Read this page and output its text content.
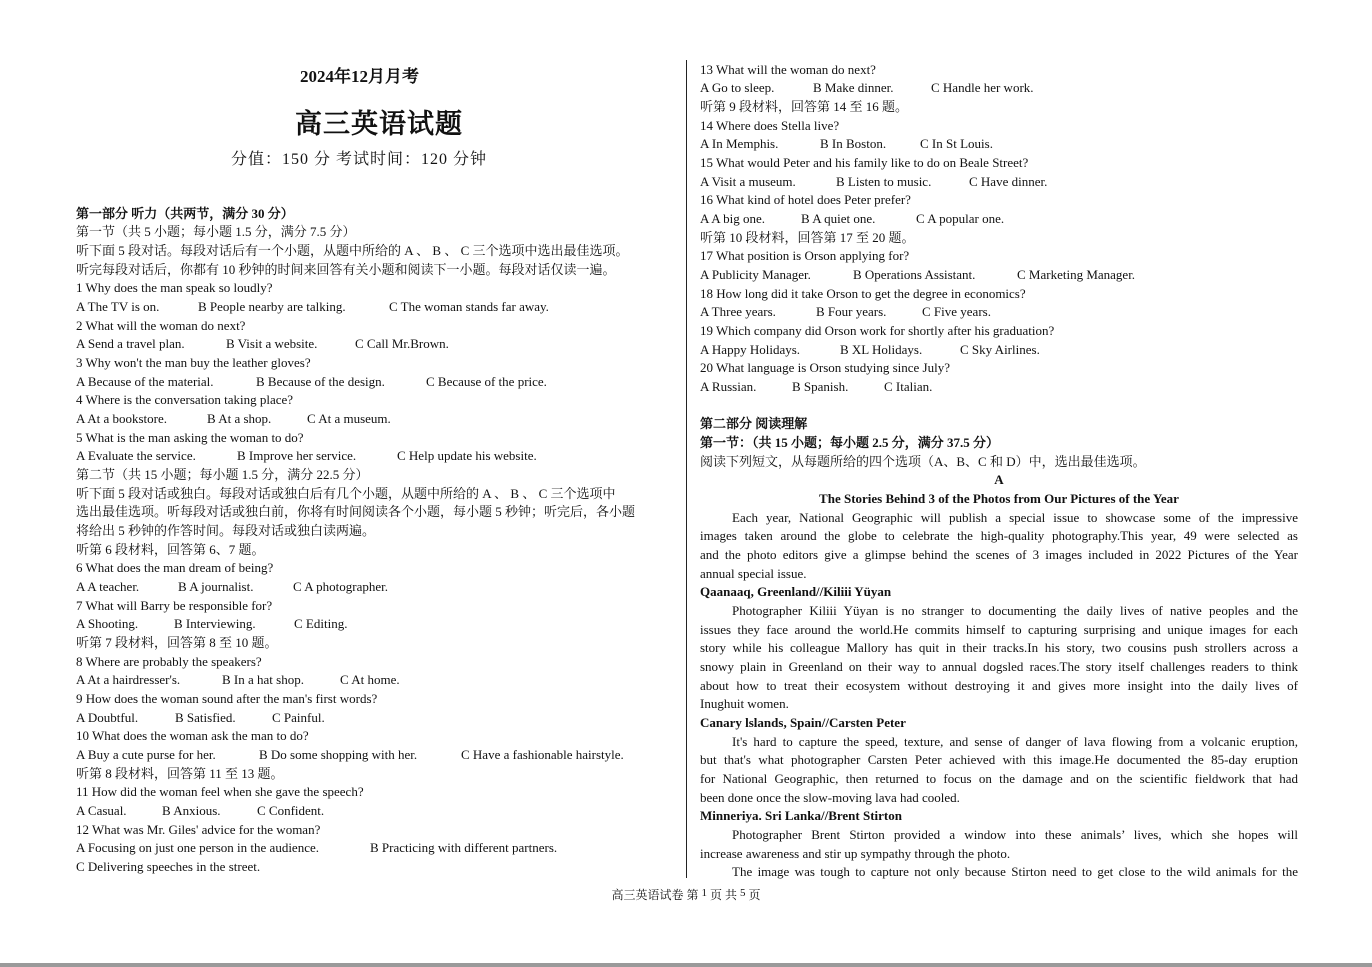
2024年12月月考
高三英语试题
分值：150 分 考试时间：120 分钟
第一部分 听力（共两节，满分 30 分）
第一节（共 5 小题；每小题 1.5 分，满分 7.5 分）
听下面 5 段对话。每段对话后有一个小题，从题中所给的 A 、 B 、 C 三个选项中选出最佳选项。
听完每段对话后，你都有 10 秒钟的时间来回答有关小题和阅读下一小题。每段对话仅读一遍。
1 Why does the man speak so loudly?
A The TV is on.	B People nearby are talking.	C The woman stands far away.
2 What will the woman do next?
A Send a travel plan.	B Visit a website.	C Call Mr.Brown.
3 Why won't the man buy the leather gloves?
A Because of the material.	B Because of the design.	C Because of the price.
4 Where is the conversation taking place?
A At a bookstore.	B At a shop.	C At a museum.
5 What is the man asking the woman to do?
A Evaluate the service.	B Improve her service.	C Help update his website.
第二节（共 15 小题；每小题 1.5 分，满分 22.5 分）
听下面 5 段对话或独白。每段对话或独白后有几个小题，从题中所给的 A 、 B 、 C 三个选项中
选出最佳选项。听每段对话或独白前，你将有时间阅读各个小题，每小题 5 秒钟；听完后，各小题
将给出 5 秒钟的作答时间。每段对话或独白读两遍。
听第 6 段材料，回答第 6、7 题。
6 What does the man dream of being?
A A teacher.	B A journalist.	C A photographer.
7 What will Barry be responsible for?
A Shooting.	B Interviewing.	C Editing.
听第 7 段材料，回答第 8 至 10 题。
8 Where are probably the speakers?
A At a hairdresser's.	B In a hat shop.	C At home.
9 How does the woman sound after the man's first words?
A Doubtful.	B Satisfied.	C Painful.
10 What does the woman ask the man to do?
A Buy a cute purse for her.	B Do some shopping with her.	C Have a fashionable hairstyle.
听第 8 段材料，回答第 11 至 13 题。
11 How did the woman feel when she gave the speech?
A Casual.	B Anxious.	C Confident.
12 What was Mr. Giles' advice for the woman?
A Focusing on just one person in the audience.	B Practicing with different partners.
C Delivering speeches in the street.
13 What will the woman do next?
A Go to sleep.	B Make dinner.	C Handle her work.
听第 9 段材料，回答第 14 至 16 题。
14 Where does Stella live?
A In Memphis.	B In Boston.	C In St Louis.
15 What would Peter and his family like to do on Beale Street?
A Visit a museum.	B Listen to music.	C Have dinner.
16 What kind of hotel does Peter prefer?
A A big one.	B A quiet one.	C A popular one.
听第 10 段材料，回答第 17 至 20 题。
17 What position is Orson applying for?
A Publicity Manager.	B Operations Assistant.	C Marketing Manager.
18 How long did it take Orson to get the degree in economics?
A Three years.	B Four years.	C Five years.
19 Which company did Orson work for shortly after his graduation?
A Happy Holidays.	B XL Holidays.	C Sky Airlines.
20 What language is Orson studying since July?
A Russian.	B Spanish.	C Italian.
第二部分 阅读理解
第一节：（共 15 小题；每小题 2.5 分，满分 37.5 分）
阅读下列短文，从每题所给的四个选项（A、B、C 和 D）中，选出最佳选项。
A
The Stories Behind 3 of the Photos from Our Pictures of the Year
Each year, National Geographic will publish a special issue to showcase some of the impressive
images taken around the globe to celebrate the high-quality photography.This year, 49 were selected as
and the photo editors give a glimpse behind the scenes of 3 images included in 2022 Pictures of the Year
annual special issue.
Qaanaaq, Greenland//Kiliii Yüyan
Photographer Kiliii Yüyan is no stranger to documenting the daily lives of native peoples and the
issues they face around the world.He commits himself to capturing surprising and unique images for each
story while his colleague Mallory has quit in their tracks.In his story, two cousins push strollers across a
snowy plain in Greenland on their way to annual dogsled races.The story itself challenges readers to think
about how to treat their ecosystem without destroying it and gives more insight into the daily lives of
Inughuit women.
Canary lslands, Spain//Carsten Peter
It's hard to capture the speed, texture, and sense of danger of lava flowing from a volcanic eruption,
but that's what photographer Carsten Peter achieved with this image.He documented the 85-day eruption
for National Geographic, then returned to focus on the damage and on the scientific fieldwork that had
been done once the slow-moving lava had cooled.
Minneriya. Sri Lanka//Brent Stirton
Photographer Brent Stirton provided a window into these animals’ lives, which she hopes will
increase awareness and stir up sympathy through the photo.
The image was tough to capture not only because Stirton need to get close to the wild animals for the
高三英语试卷 第 1 页 共 5 页
